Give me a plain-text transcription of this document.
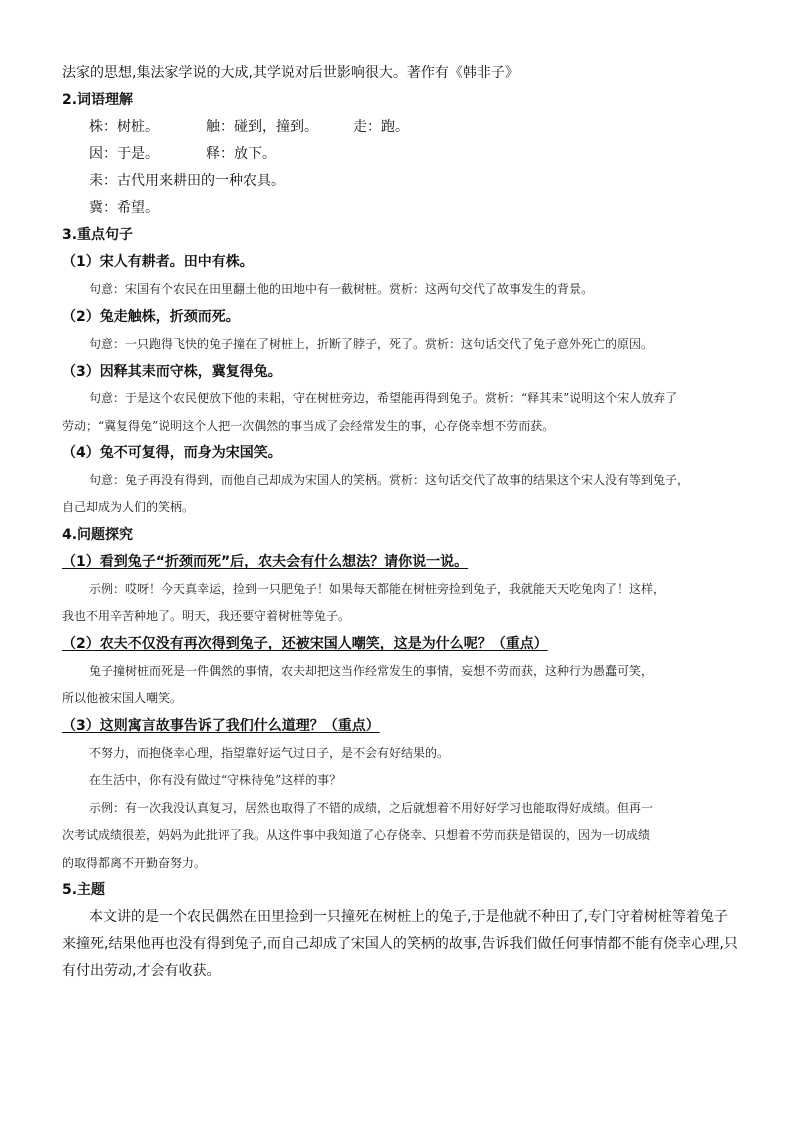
法家的思想,集法家学说的大成,其学说对后世影响很大。著作有《韩非子》
2.词语理解
株：树桩。	触：碰到，撞到。	走：跑。
因：于是。	释：放下。
耒：古代用来耕田的一种农具。
冀：希望。
3.重点句子
（1）宋人有耕者。田中有株。
句意：宋国有个农民在田里翻土他的田地中有一截树桩。赏析：这两句交代了故事发生的背景。
（2）兔走触株，折颈而死。
句意：一只跑得飞快的兔子撞在了树桩上，折断了脖子，死了。赏析：这句话交代了兔子意外死亡的原因。
（3）因释其耒而守株，冀复得兔。
句意：于是这个农民便放下他的耒耜，守在树桩旁边，希望能再得到兔子。赏析：“释其耒”说明这个宋人放弃了
劳动；“冀复得兔”说明这个人把一次偶然的事当成了会经常发生的事，心存侥幸想不劳而获。
（4）兔不可复得，而身为宋国笑。
句意：兔子再没有得到，而他自己却成为宋国人的笑柄。赏析：这句话交代了故事的结果这个宋人没有等到兔子，
自己却成为人们的笑柄。
4.问题探究
（1）看到兔子“折颈而死”后，农夫会有什么想法？请你说一说。
示例：哎呀！今天真幸运，捡到一只肥兔子！如果每天都能在树桩旁捡到兔子，我就能天天吃兔肉了！这样，
我也不用辛苦种地了。明天，我还要守着树桩等兔子。
（2）农夫不仅没有再次得到兔子，还被宋国人嘲笑，这是为什么呢？（重点）
兔子撞树桩而死是一件偶然的事情，农夫却把这当作经常发生的事情，妄想不劳而获，这种行为愚蠢可笑，
所以他被宋国人嘲笑。
（3）这则寓言故事告诉了我们什么道理？（重点）
不努力，而抱侥幸心理，指望靠好运气过日子，是不会有好结果的。
在生活中，你有没有做过“守株待兔”这样的事？
示例：有一次我没认真复习，居然也取得了不错的成绩，之后就想着不用好好学习也能取得好成绩。但再一
次考试成绩很差，妈妈为此批评了我。从这件事中我知道了心存侥幸、只想着不劳而获是错误的，因为一切成绩
的取得都离不开勤奋努力。
5.主题
本文讲的是一个农民偶然在田里捡到一只撞死在树桩上的兔子,于是他就不种田了,专门守着树桩等着兔子
来撞死,结果他再也没有得到兔子,而自己却成了宋国人的笑柄的故事,告诉我们做任何事情都不能有侥幸心理,只
有付出劳动,才会有收获。
